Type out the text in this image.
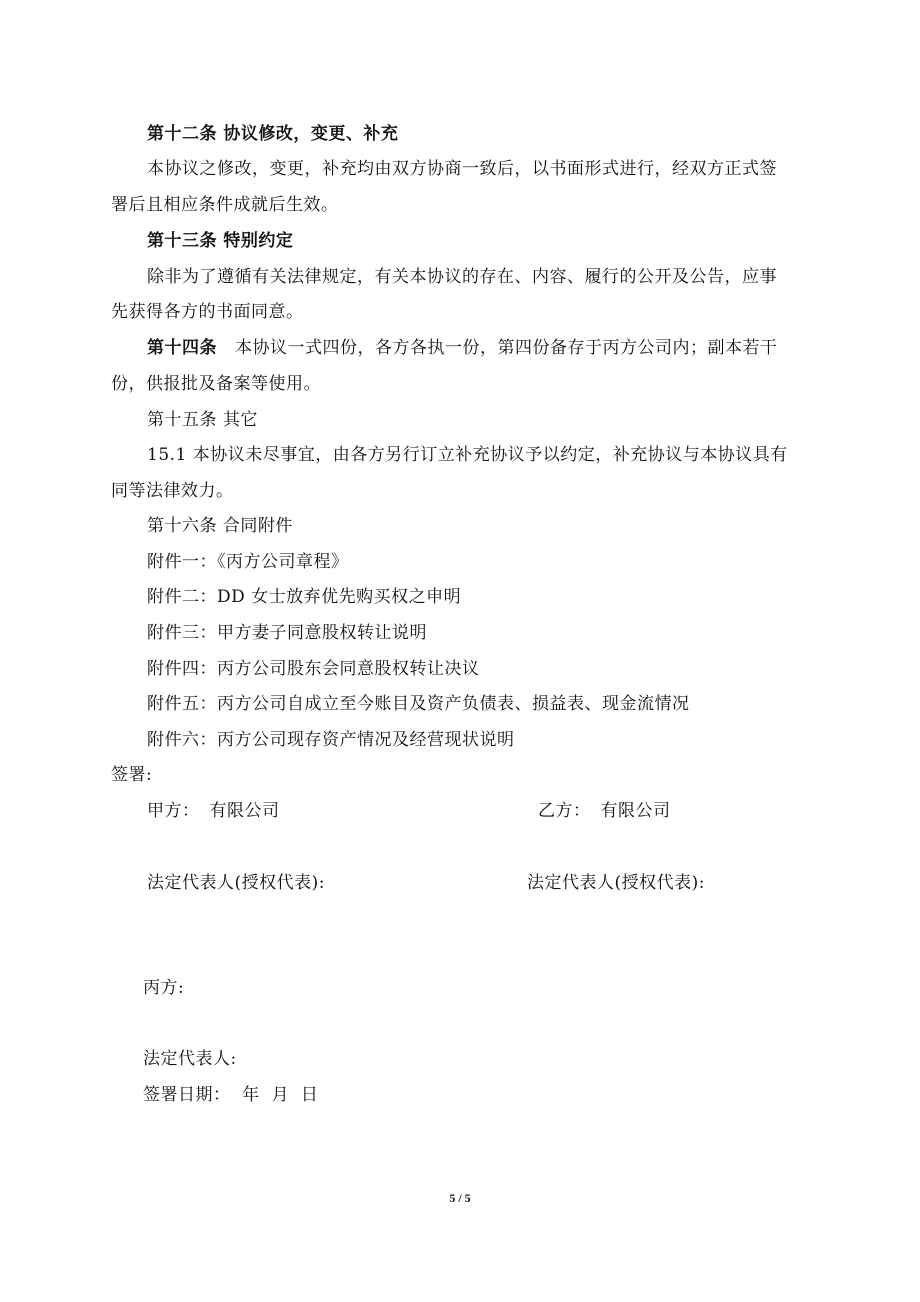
第十二条 协议修改，变更、补充
本协议之修改，变更，补充均由双方协商一致后，以书面形式进行，经双方正式签
署后且相应条件成就后生效。
第十三条 特别约定
除非为了遵循有关法律规定，有关本协议的存在、内容、履行的公开及公告，应事
先获得各方的书面同意。
第十四条 本协议一式四份，各方各执一份，第四份备存于丙方公司内；副本若干
份，供报批及备案等使用。
第十五条 其它
15.1 本协议未尽事宜，由各方另行订立补充协议予以约定，补充协议与本协议具有
同等法律效力。
第十六条 合同附件
附件一：《丙方公司章程》
附件二：DD 女士放弃优先购买权之申明
附件三：甲方妻子同意股权转让说明
附件四：丙方公司股东会同意股权转让决议
附件五：丙方公司自成立至今账目及资产负债表、损益表、现金流情况
附件六：丙方公司现存资产情况及经营现状说明
签署:
甲方： 有限公司	乙方： 有限公司
法定代表人(授权代表):	法定代表人(授权代表):
丙方:
法定代表人:
签署日期：  年  月  日
5 / 5
